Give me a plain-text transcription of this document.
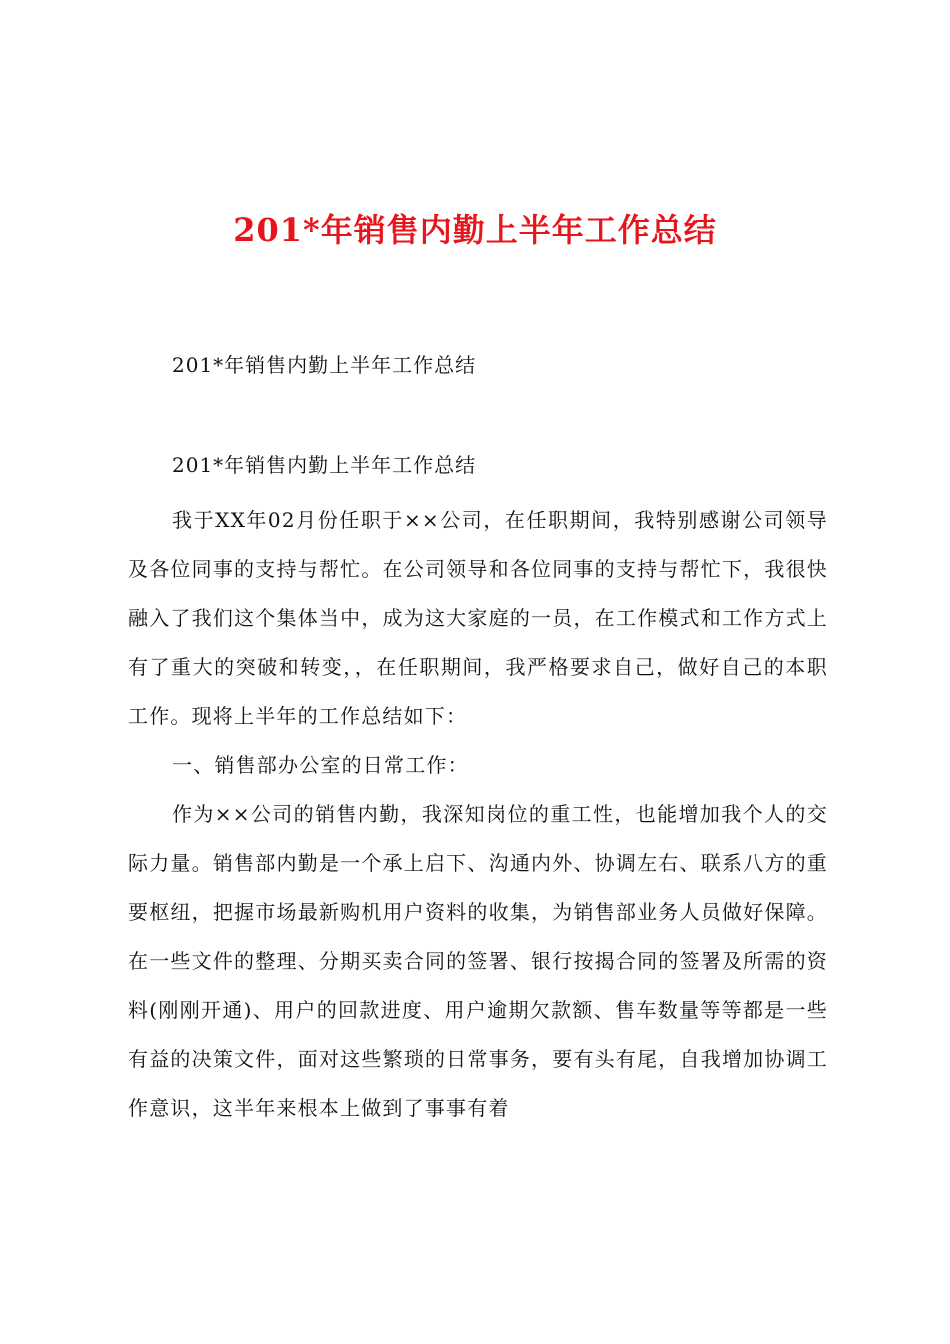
201*年销售内勤上半年工作总结
201*年销售内勤上半年工作总结
201*年销售内勤上半年工作总结

我于XX年02月份任职于××公司，在任职期间，我特别感谢公司领导及各位同事的支持与帮忙。在公司领导和各位同事的支持与帮忙下，我很快融入了我们这个集体当中，成为这大家庭的一员，在工作模式和工作方式上有了重大的突破和转变，，在任职期间，我严格要求自己，做好自己的本职工作。现将上半年的工作总结如下：

一、销售部办公室的日常工作：

作为××公司的销售内勤，我深知岗位的重工性，也能增加我个人的交际力量。销售部内勤是一个承上启下、沟通内外、协调左右、联系八方的重要枢纽，把握市场最新购机用户资料的收集，为销售部业务人员做好保障。在一些文件的整理、分期买卖合同的签署、银行按揭合同的签署及所需的资料(刚刚开通)、用户的回款进度、用户逾期欠款额、售车数量等等都是一些有益的决策文件，面对这些繁琐的日常事务，要有头有尾，自我增加协调工作意识，这半年来根本上做到了事事有着
